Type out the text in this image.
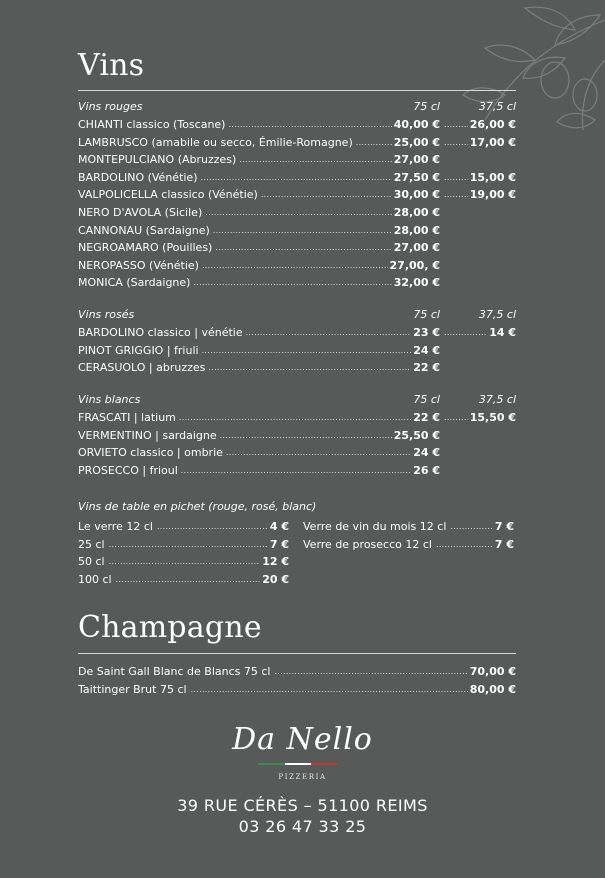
Vins
Champagne
Da Nello
PIZZERIA
39 RUE CÉRÈS – 51100 REIMS
03 26 47 33 25
Vins rouges	75 cl	37,5 cl
CHIANTI classico (Toscane)	40,00 € .....	26,00 €
.....
LAMBRUSCO (amabile ou secco, Émilie-Romagne)	25,00 € .....	17,00 €
.....
MONTEPULCIANO (Abruzzes)	27,00 €
.....
BARDOLINO (Vénétie)	27,50 € .....	15,00 €
.....
VALPOLICELLA classico (Vénétie)	30,00 € .....	19,00 €
.....
NERO D'AVOLA (Sicile)	28,00 €
.....
CANNONAU (Sardaigne)	28,00 €
.....
NEGROAMARO (Pouilles)	27,00 €
.....
NEROPASSO (Vénétie)	27,00, €
.....
MONICA (Sardaigne)	32,00 €
.....
Vins rosés	75 cl	37,5 cl
BARDOLINO classico | vénétie	23 € .....	14 €
.....
PINOT GRIGGIO | friuli	24 €
.....
CERASUOLO | abruzzes	22 €
.....
Vins blancs	75 cl	37,5 cl
FRASCATI | latium	22 € .....	15,50 €
.....
VERMENTINO | sardaigne	25,50 €
.....
ORVIETO classico | ombrie	24 €
.....
PROSECCO | frioul	26 €
.....
Vins de table en pichet (rouge, rosé, blanc)
Le verre 12 cl	4 €
.....
25 cl	7 €
.....
50 cl	12 €
.....
100 cl	20 €
.....
Verre de vin du mois 12 cl	7 €
.....
Verre de prosecco 12 cl	7 €
.....
De Saint Gall Blanc de Blancs 75 cl	70,00 €
.....
Taittinger Brut 75 cl	80,00 €
.....
